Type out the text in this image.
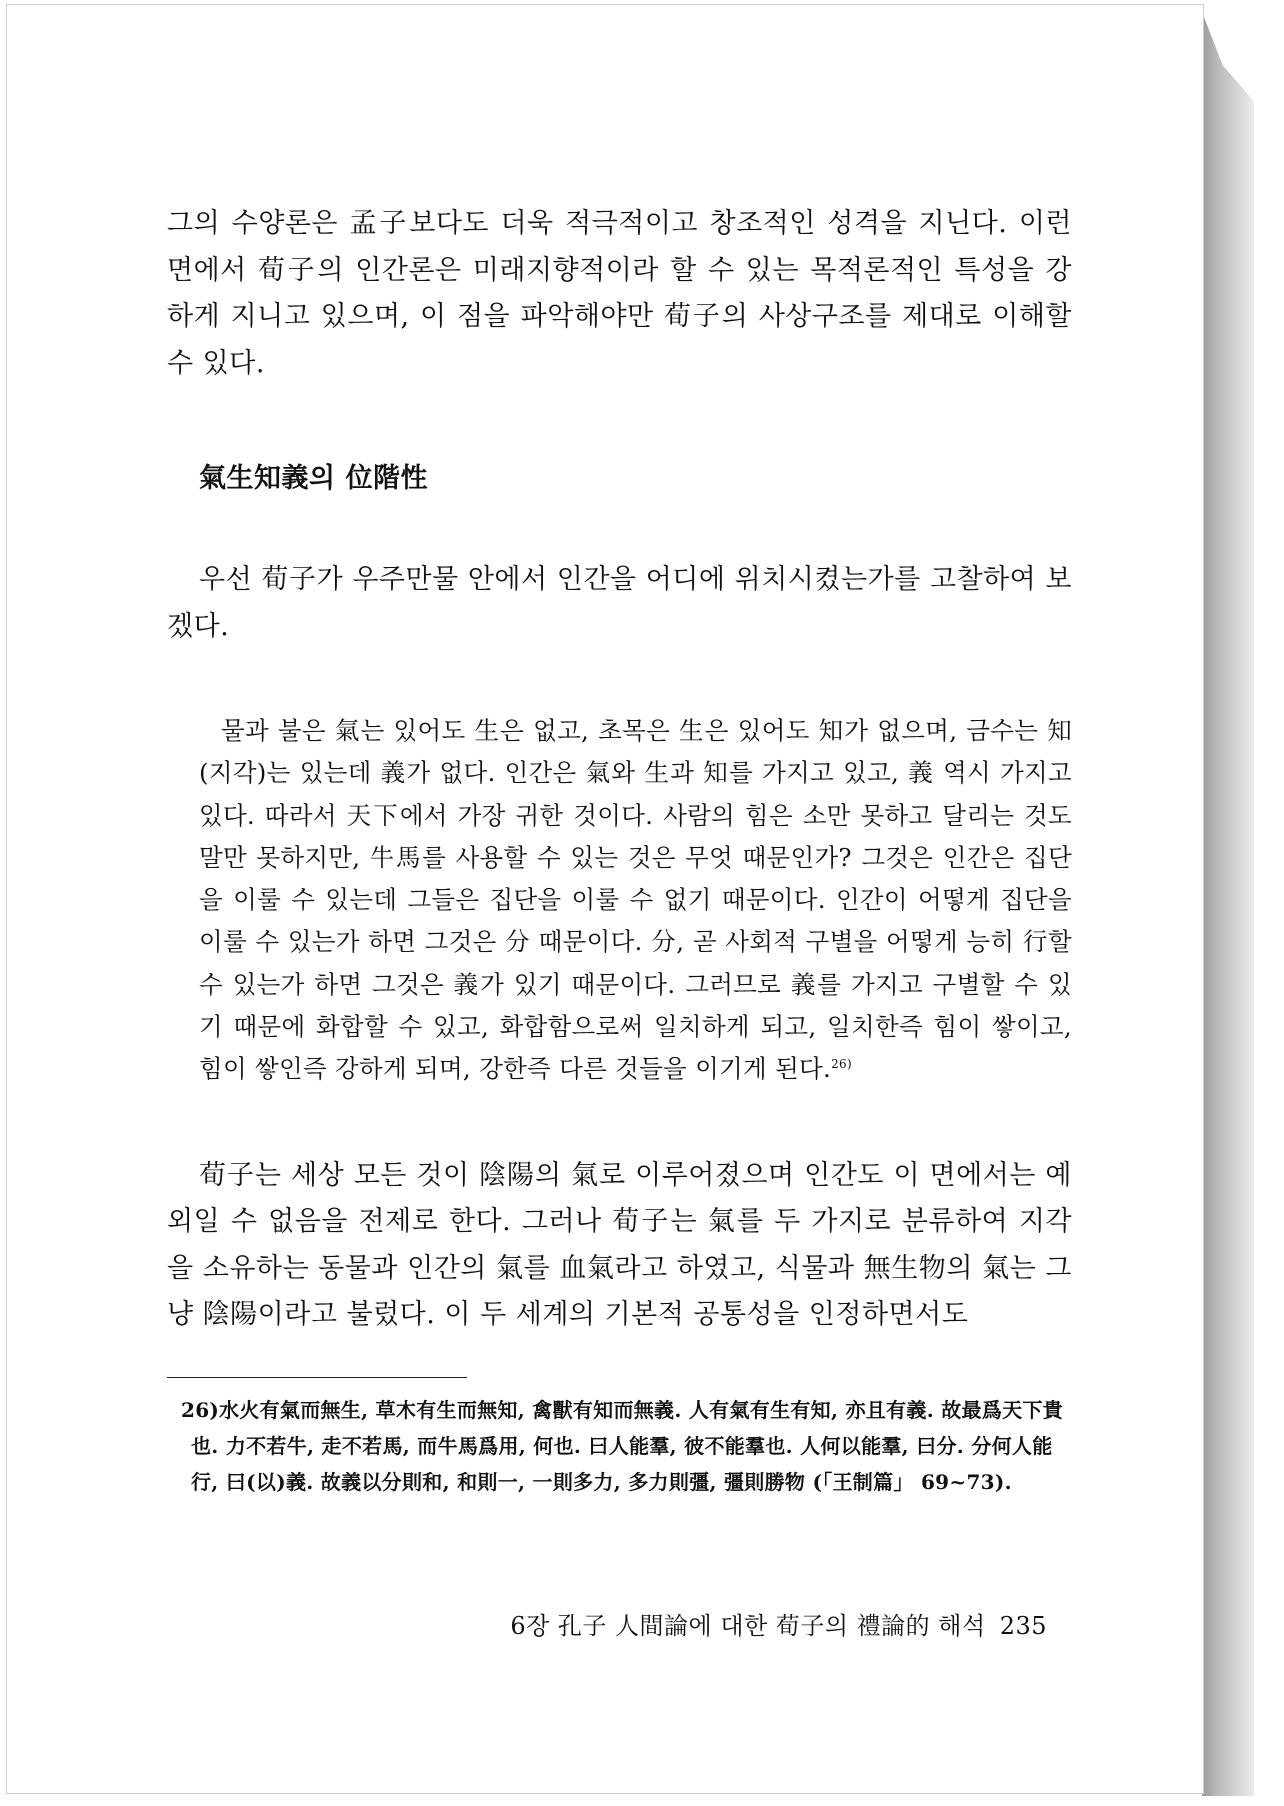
그의 수양론은 孟子보다도 더욱 적극적이고 창조적인 성격을 지닌다. 이런 면에서 荀子의 인간론은 미래지향적이라 할 수 있는 목적론적인 특성을 강하게 지니고 있으며, 이 점을 파악해야만 荀子의 사상구조를 제대로 이해할 수 있다.

氣生知義의 位階性

우선 荀子가 우주만물 안에서 인간을 어디에 위치시켰는가를 고찰하여 보겠다.

물과 불은 氣는 있어도 生은 없고, 초목은 生은 있어도 知가 없으며, 금수는 知(지각)는 있는데 義가 없다. 인간은 氣와 生과 知를 가지고 있고, 義 역시 가지고 있다. 따라서 天下에서 가장 귀한 것이다. 사람의 힘은 소만 못하고 달리는 것도 말만 못하지만, 牛馬를 사용할 수 있는 것은 무엇 때문인가? 그것은 인간은 집단을 이룰 수 있는데 그들은 집단을 이룰 수 없기 때문이다. 인간이 어떻게 집단을 이룰 수 있는가 하면 그것은 分 때문이다. 分, 곧 사회적 구별을 어떻게 능히 行할 수 있는가 하면 그것은 義가 있기 때문이다. 그러므로 義를 가지고 구별할 수 있기 때문에 화합할 수 있고, 화합함으로써 일치하게 되고, 일치한즉 힘이 쌓이고, 힘이 쌓인즉 강하게 되며, 강한즉 다른 것들을 이기게 된다.$^{26)}$

荀子는 세상 모든 것이 陰陽의 氣로 이루어졌으며 인간도 이 면에서는 예외일 수 없음을 전제로 한다. 그러나 荀子는 氣를 두 가지로 분류하여 지각을 소유하는 동물과 인간의 氣를 血氣라고 하였고, 식물과 無生物의 氣는 그냥 陰陽이라고 불렀다. 이 두 세계의 기본적 공통성을 인정하면서도

26)水火有氣而無生, 草木有生而無知, 禽獸有知而無義. 人有氣有生有知, 亦且有義. 故最爲天下貴也. 力不若牛, 走不若馬, 而牛馬爲用, 何也. 曰人能羣, 彼不能羣也. 人何以能羣, 曰分. 分何人能行, 曰(以)義. 故義以分則和, 和則一, 一則多力, 多力則彊, 彊則勝物 (「王制篇」 69~73).
6장 孔子 人間論에 대한 荀子의 禮論的 해석 235
